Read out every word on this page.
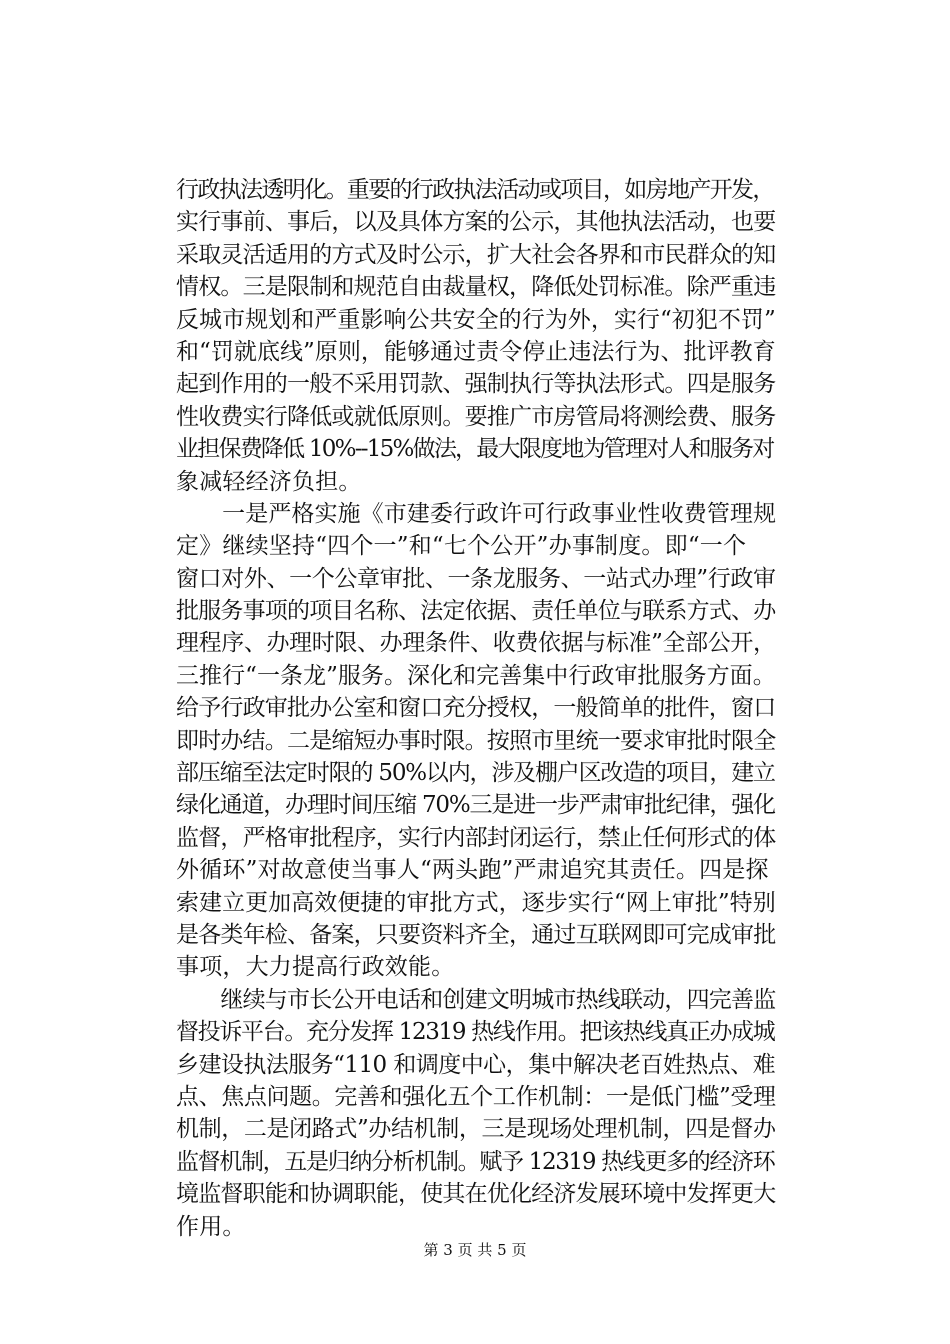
行政执法透明化。重要的行政执法活动或项目，如房地产开发，
实行事前、事后，以及具体方案的公示，其他执法活动，也要
采取灵活适用的方式及时公示，扩大社会各界和市民群众的知
情权。三是限制和规范自由裁量权，降低处罚标准。除严重违
反城市规划和严重影响公共安全的行为外，实行“初犯不罚”
和“罚就底线”原则，能够通过责令停止违法行为、批评教育
起到作用的一般不采用罚款、强制执行等执法形式。四是服务
性收费实行降低或就低原则。要推广市房管局将测绘费、服务
业担保费降低 10%--15%做法，最大限度地为管理对人和服务对
象减轻经济负担。
　　一是严格实施《市建委行政许可行政事业性收费管理规
定》继续坚持“四个一”和“七个公开”办事制度。即“一个
窗口对外、一个公章审批、一条龙服务、一站式办理”行政审
批服务事项的项目名称、法定依据、责任单位与联系方式、办
理程序、办理时限、办理条件、收费依据与标准”全部公开，
三推行“一条龙”服务。深化和完善集中行政审批服务方面。
给予行政审批办公室和窗口充分授权，一般简单的批件，窗口
即时办结。二是缩短办事时限。按照市里统一要求审批时限全
部压缩至法定时限的 50%以内，涉及棚户区改造的项目，建立
绿化通道，办理时间压缩 70%三是进一步严肃审批纪律，强化
监督，严格审批程序，实行内部封闭运行，禁止任何形式的体
外循环”对故意使当事人“两头跑”严肃追究其责任。四是探
索建立更加高效便捷的审批方式，逐步实行“网上审批”特别
是各类年检、备案，只要资料齐全，通过互联网即可完成审批
事项，大力提高行政效能。
　　继续与市长公开电话和创建文明城市热线联动，四完善监
督投诉平台。充分发挥 12319 热线作用。把该热线真正办成城
乡建设执法服务“110 和调度中心，集中解决老百姓热点、难
点、焦点问题。完善和强化五个工作机制：一是低门槛”受理
机制，二是闭路式”办结机制，三是现场处理机制，四是督办
监督机制，五是归纳分析机制。赋予 12319 热线更多的经济环
境监督职能和协调职能，使其在优化经济发展环境中发挥更大
作用。
第 3 页 共 5 页
